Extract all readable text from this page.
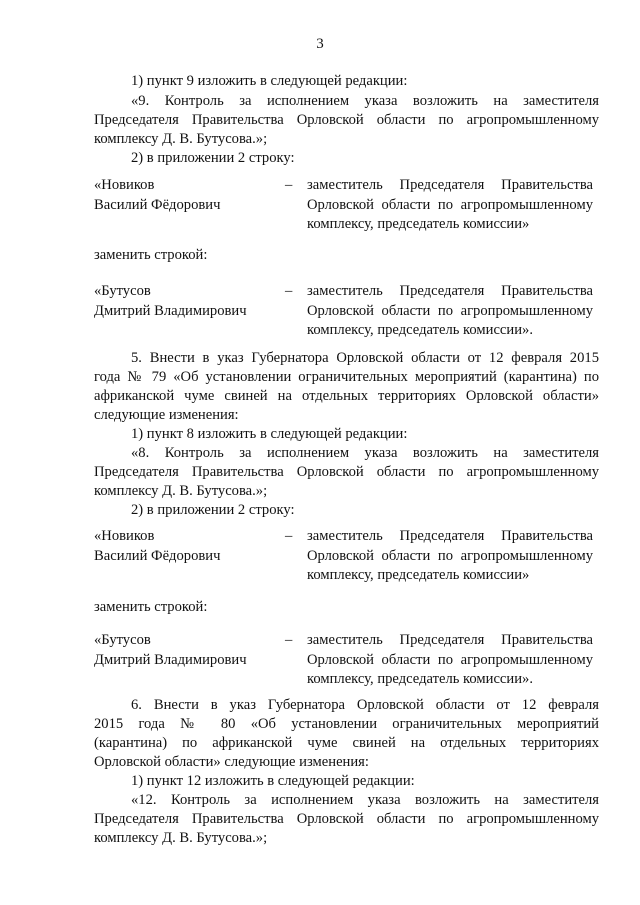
3

1) пункт 9 изложить в следующей редакции:

«9. Контроль за исполнением указа возложить на заместителя

Председателя Правительства Орловской области по агропромышленному

комплексу Д. В. Бутусова.»;

2) в приложении 2 строку:

«Новиков
Василий Фёдорович
– заместитель Председателя Правительства
Орловской области по агропромышленному
комплексу, председатель комиссии»

заменить строкой:

«Бутусов
Дмитрий Владимирович
– заместитель Председателя Правительства
Орловской области по агропромышленному
комплексу, председатель комиссии».

5. Внести в указ Губернатора Орловской области от 12 февраля 2015

года № 79 «Об установлении ограничительных мероприятий (карантина) по

африканской чуме свиней на отдельных территориях Орловской области»

следующие изменения:

1) пункт 8 изложить в следующей редакции:

«8. Контроль за исполнением указа возложить на заместителя

Председателя Правительства Орловской области по агропромышленному

комплексу Д. В. Бутусова.»;

2) в приложении 2 строку:

«Новиков
Василий Фёдорович
– заместитель Председателя Правительства
Орловской области по агропромышленному
комплексу, председатель комиссии»

заменить строкой:

«Бутусов
Дмитрий Владимирович
– заместитель Председателя Правительства
Орловской области по агропромышленному
комплексу, председатель комиссии».

6. Внести в указ Губернатора Орловской области от 12 февраля

2015 года № 80 «Об установлении ограничительных мероприятий

(карантина) по африканской чуме свиней на отдельных территориях

Орловской области» следующие изменения:

1) пункт 12 изложить в следующей редакции:

«12. Контроль за исполнением указа возложить на заместителя

Председателя Правительства Орловской области по агропромышленному

комплексу Д. В. Бутусова.»;
